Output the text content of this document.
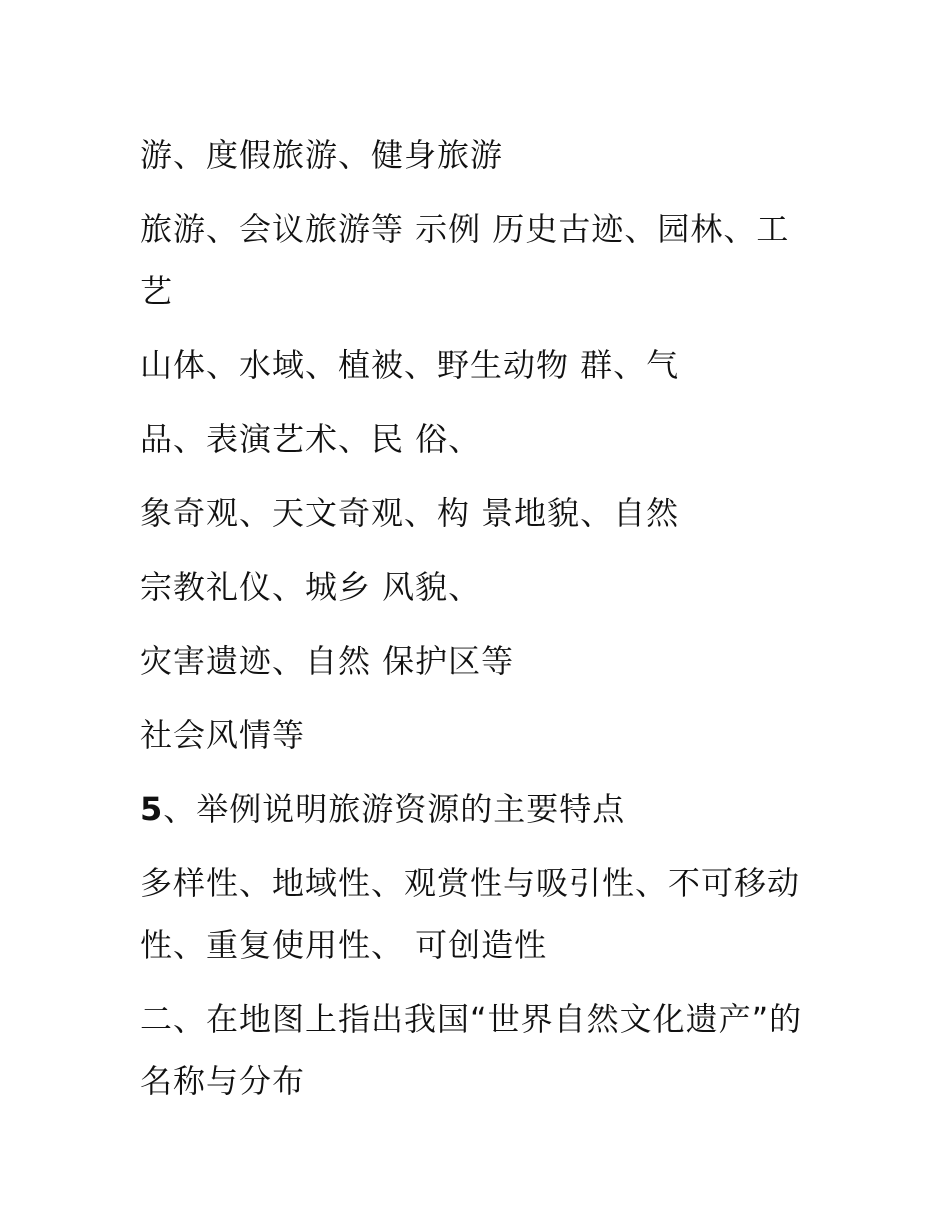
游、度假旅游、健身旅游

旅游、会议旅游等 示例 历史古迹、园林、工 艺

山体、水域、植被、野生动物 群、气

品、表演艺术、民 俗、

象奇观、天文奇观、构 景地貌、自然

宗教礼仪、城乡 风貌、

灾害遗迹、自然 保护区等

社会风情等

5、举例说明旅游资源的主要特点

多样性、地域性、观赏性与吸引性、不可移动性、重复使用性、 可创造性

二、在地图上指出我国“世界自然文化遗产”的名称与分布
